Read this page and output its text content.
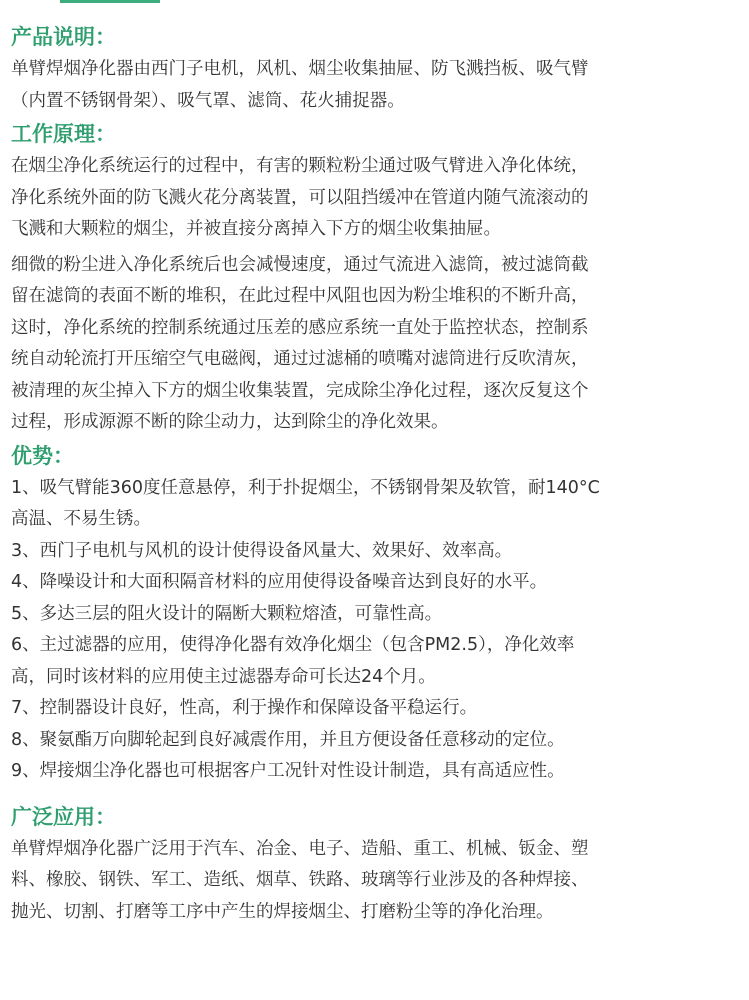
产品说明：
单臂焊烟净化器由西门子电机，风机、烟尘收集抽屉、防飞溅挡板、吸气臂
（内置不锈钢骨架）、吸气罩、滤筒、花火捕捉器。
工作原理：
在烟尘净化系统运行的过程中，有害的颗粒粉尘通过吸气臂进入净化体统，
净化系统外面的防飞溅火花分离装置，可以阻挡缓冲在管道内随气流滚动的
飞溅和大颗粒的烟尘，并被直接分离掉入下方的烟尘收集抽屉。
细微的粉尘进入净化系统后也会减慢速度，通过气流进入滤筒，被过滤筒截
留在滤筒的表面不断的堆积，在此过程中风阻也因为粉尘堆积的不断升高，
这时，净化系统的控制系统通过压差的感应系统一直处于监控状态，控制系
统自动轮流打开压缩空气电磁阀，通过过滤桶的喷嘴对滤筒进行反吹清灰，
被清理的灰尘掉入下方的烟尘收集装置，完成除尘净化过程，逐次反复这个
过程，形成源源不断的除尘动力，达到除尘的净化效果。
优势：
1、吸气臂能360度任意悬停，利于扑捉烟尘，不锈钢骨架及软管，耐140°C
高温、不易生锈。
3、西门子电机与风机的设计使得设备风量大、效果好、效率高。
4、降噪设计和大面积隔音材料的应用使得设备噪音达到良好的水平。
5、多达三层的阻火设计的隔断大颗粒熔渣，可靠性高。
6、主过滤器的应用，使得净化器有效净化烟尘（包含PM2.5），净化效率
高，同时该材料的应用使主过滤器寿命可长达24个月。
7、控制器设计良好，性高，利于操作和保障设备平稳运行。
8、聚氨酯万向脚轮起到良好减震作用，并且方便设备任意移动的定位。
9、焊接烟尘净化器也可根据客户工况针对性设计制造，具有高适应性。
广泛应用：
单臂焊烟净化器广泛用于汽车、冶金、电子、造船、重工、机械、钣金、塑
料、橡胶、钢铁、军工、造纸、烟草、铁路、玻璃等行业涉及的各种焊接、
抛光、切割、打磨等工序中产生的焊接烟尘、打磨粉尘等的净化治理。
